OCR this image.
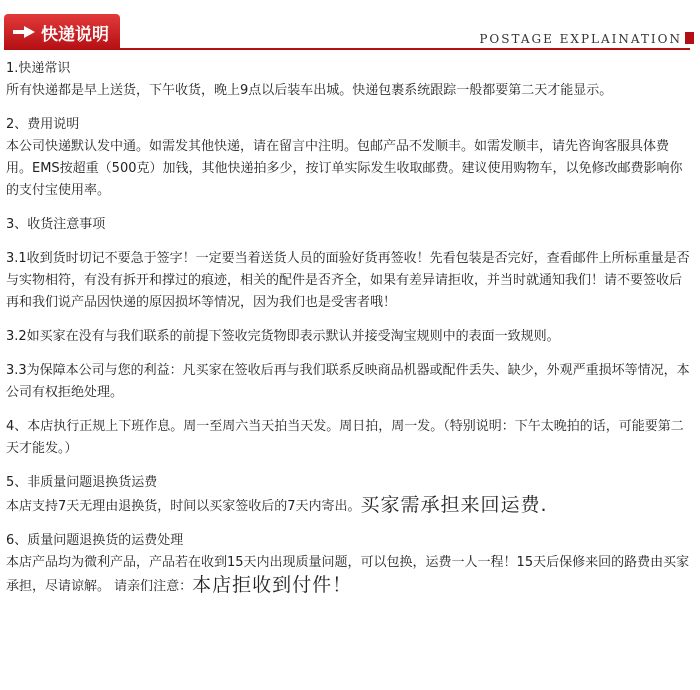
快递说明	POSTAGE EXPLAINATION

1.快递常识

所有快递都是早上送货，下午收货，晚上9点以后装车出城。快递包裹系统跟踪一般都要第二天才能显示。

2、费用说明

本公司快递默认发中通。如需发其他快递，请在留言中注明。包邮产品不发顺丰。如需发顺丰，请先咨询客服具体费用。EMS按超重（500克）加钱，其他快递拍多少，按订单实际发生收取邮费。建议使用购物车，以免修改邮费影响你的支付宝使用率。

3、收货注意事项

3.1收到货时切记不要急于签字！一定要当着送货人员的面验好货再签收！先看包装是否完好，查看邮件上所标重量是否与实物相符，有没有拆开和撑过的痕迹，相关的配件是否齐全，如果有差异请拒收，并当时就通知我们！请不要签收后再和我们说产品因快递的原因损坏等情况，因为我们也是受害者哦！

3.2如买家在没有与我们联系的前提下签收完货物即表示默认并接受淘宝规则中的表面一致规则。

3.3为保障本公司与您的利益：凡买家在签收后再与我们联系反映商品机器或配件丢失、缺少，外观严重损坏等情况，本公司有权拒绝处理。

4、本店执行正规上下班作息。周一至周六当天拍当天发。周日拍，周一发。（特别说明：下午太晚拍的话，可能要第二天才能发。）

5、非质量问题退换货运费

本店支持7天无理由退换货，时间以买家签收后的7天内寄出。买家需承担来回运费.

6、质量问题退换货的运费处理

本店产品均为微利产品，产品若在收到15天内出现质量问题，可以包换，运费一人一程！15天后保修来回的路费由买家承担，尽请谅解。 请亲们注意：本店拒收到付件！
